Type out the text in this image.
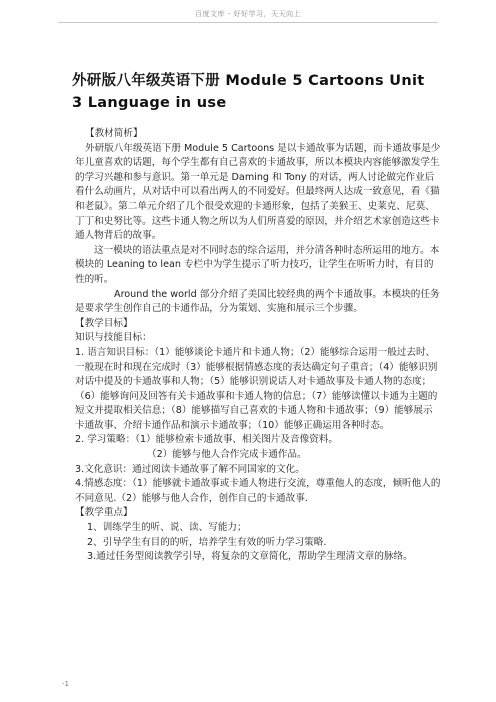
百度文库 - 好好学习，天天向上
外研版八年级英语下册 Module 5 Cartoons Unit 3 Language in use

【教材简析】

外研版八年级英语下册 Module 5 Cartoons 是以卡通故事为话题，而卡通故事是少年儿童喜欢的话题，每个学生都有自己喜欢的卡通故事，所以本模块内容能够激发学生的学习兴趣和参与意识。第一单元是 Daming 和 Tony 的对话，两人讨论做完作业后看什么动画片，从对话中可以看出两人的不同爱好。但最终两人达成一致意见，看《猫和老鼠》。第二单元介绍了几个很受欢迎的卡通形象，包括了美猴王、史莱克、尼莫、丁丁和史努比等。这些卡通人物之所以为人们所喜爱的原因，并介绍艺术家创造这些卡通人物背后的故事。

这一模块的语法重点是对不同时态的综合运用，并分清各种时态所运用的地方。本模块的 Leaning to lean 专栏中为学生提示了听力技巧，让学生在听听力时，有目的性的听。

Around the world 部分介绍了美国比较经典的两个卡通故事。本模块的任务是要求学生创作自己的卡通作品，分为策划、实施和展示三个步骤。

【教学目标】

知识与技能目标：

1. 语言知识目标：（1）能够谈论卡通片和卡通人物；（2）能够综合运用一般过去时、一般现在时和现在完成时（3）能够根据情感态度的表达确定句子重音；（4）能够识别对话中提及的卡通故事和人物；（5）能够识别说话人对卡通故事及卡通人物的态度；（6）能够询问及回答有关卡通故事和卡通人物的信息；（7）能够读懂以卡通为主题的短文并提取相关信息；（8）能够描写自己喜欢的卡通人物和卡通故事；（9）能够展示卡通故事、介绍卡通作品和演示卡通故事；（10）能够正确运用各种时态。

2. 学习策略：（1）能够检索卡通故事、相关图片及音像资料。

（2）能够与他人合作完成卡通作品。

3.文化意识：通过阅读卡通故事了解不同国家的文化。

4.情感态度：（1）能够就卡通故事或卡通人物进行交流，尊重他人的态度，倾听他人的不同意见.（2）能够与他人合作，创作自己的卡通故事.

【教学重点】

1、训练学生的听、说、读、写能力；

2、引导学生有目的的听，培养学生有效的听力学习策略.

3.通过任务型阅读教学引导，将复杂的文章简化，帮助学生理清文章的脉络。

-1
